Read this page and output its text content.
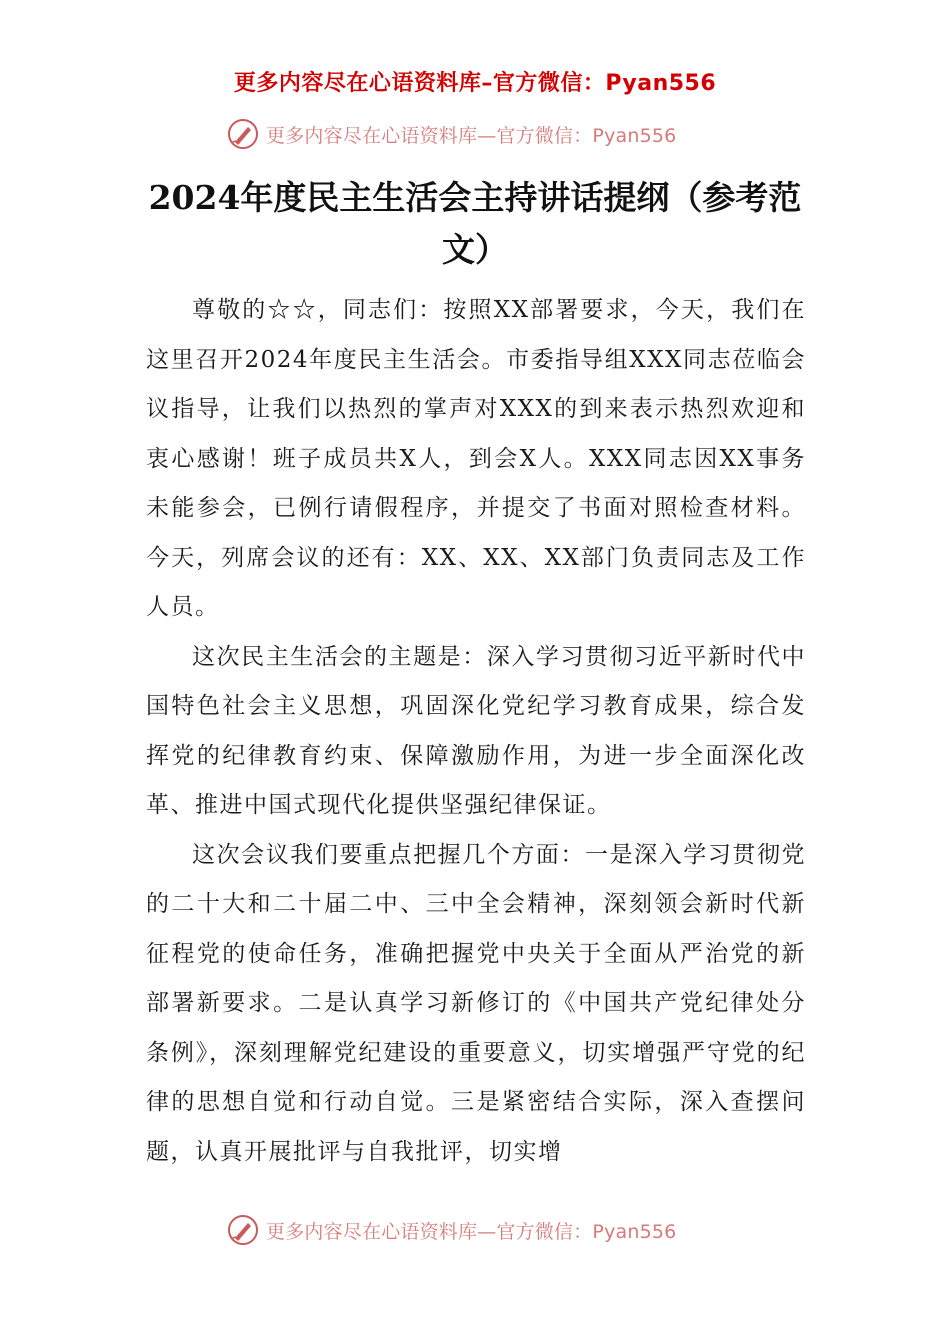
更多内容尽在心语资料库–官方微信：Pyan556
更多内容尽在心语资料库—官方微信：Pyan556
2024年度民主生活会主持讲话提纲（参考范文）

尊敬的☆☆，同志们：按照XX部署要求，今天，我们在这里召开2024年度民主生活会。市委指导组XXX同志莅临会议指导，让我们以热烈的掌声对XXX的到来表示热烈欢迎和衷心感谢！班子成员共X人，到会X人。XXX同志因XX事务未能参会，已例行请假程序，并提交了书面对照检查材料。今天，列席会议的还有：XX、XX、XX部门负责同志及工作人员。

这次民主生活会的主题是：深入学习贯彻习近平新时代中国特色社会主义思想，巩固深化党纪学习教育成果，综合发挥党的纪律教育约束、保障激励作用，为进一步全面深化改革、推进中国式现代化提供坚强纪律保证。

这次会议我们要重点把握几个方面：一是深入学习贯彻党的二十大和二十届二中、三中全会精神，深刻领会新时代新征程党的使命任务，准确把握党中央关于全面从严治党的新部署新要求。二是认真学习新修订的《中国共产党纪律处分条例》，深刻理解党纪建设的重要意义，切实增强严守党的纪律的思想自觉和行动自觉。三是紧密结合实际，深入查摆问题，认真开展批评与自我批评，切实增

更多内容尽在心语资料库—官方微信：Pyan556
